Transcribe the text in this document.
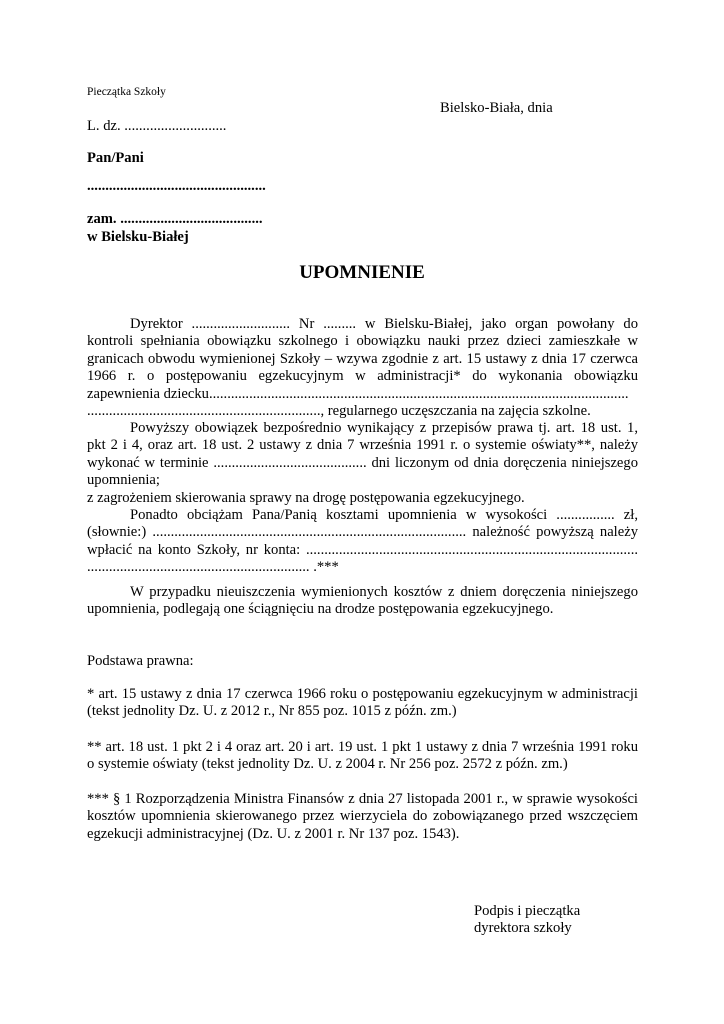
Pieczątka Szkoły
Bielsko-Biała, dnia
L. dz. ............................
Pan/Pani
.................................................
zam. .......................................
w Bielsku-Białej
UPOMNIENIE
Dyrektor ........................... Nr ......... w Bielsku-Białej, jako organ powołany do
kontroli spełniania obowiązku szkolnego i obowiązku nauki przez dzieci zamieszkałe w
granicach obwodu wymienionej Szkoły – wzywa zgodnie z art. 15 ustawy z dnia 17 czerwca
1966 r. o postępowaniu egzekucyjnym w administracji* do wykonania obowiązku
zapewnienia dziecku...................................................................................................................
................................................................, regularnego uczęszczania na zajęcia szkolne.
Powyższy obowiązek bezpośrednio wynikający z przepisów prawa tj. art. 18 ust. 1,
pkt 2 i 4, oraz art. 18 ust. 2 ustawy z dnia 7 września 1991 r. o systemie oświaty**, należy
wykonać w terminie .......................................... dni liczonym od dnia doręczenia niniejszego
upomnienia;
z zagrożeniem skierowania sprawy na drogę postępowania egzekucyjnego.
Ponadto obciążam Pana/Panią kosztami upomnienia w wysokości ................ zł,
(słownie:) ...................................................................................... należność powyższą należy
wpłacić na konto Szkoły, nr konta: ...........................................................................................
............................................................. .***
W przypadku nieuiszczenia wymienionych kosztów z dniem doręczenia niniejszego upomnienia, podlegają one ściągnięciu na drodze postępowania egzekucyjnego.
Podstawa prawna:
* art. 15 ustawy z dnia 17 czerwca 1966 roku o postępowaniu egzekucyjnym w administracji (tekst jednolity Dz. U. z 2012 r., Nr 855 poz. 1015 z późn. zm.)
** art. 18 ust. 1 pkt 2 i 4 oraz art. 20 i art. 19 ust. 1 pkt 1 ustawy z dnia 7 września 1991 roku o systemie oświaty (tekst jednolity Dz. U. z 2004 r. Nr 256 poz. 2572 z późn. zm.)
*** § 1 Rozporządzenia Ministra Finansów z dnia 27 listopada 2001 r., w sprawie wysokości kosztów upomnienia skierowanego przez wierzyciela do zobowiązanego przed wszczęciem egzekucji administracyjnej (Dz. U. z 2001 r. Nr 137 poz. 1543).
Podpis i pieczątka
dyrektora szkoły
